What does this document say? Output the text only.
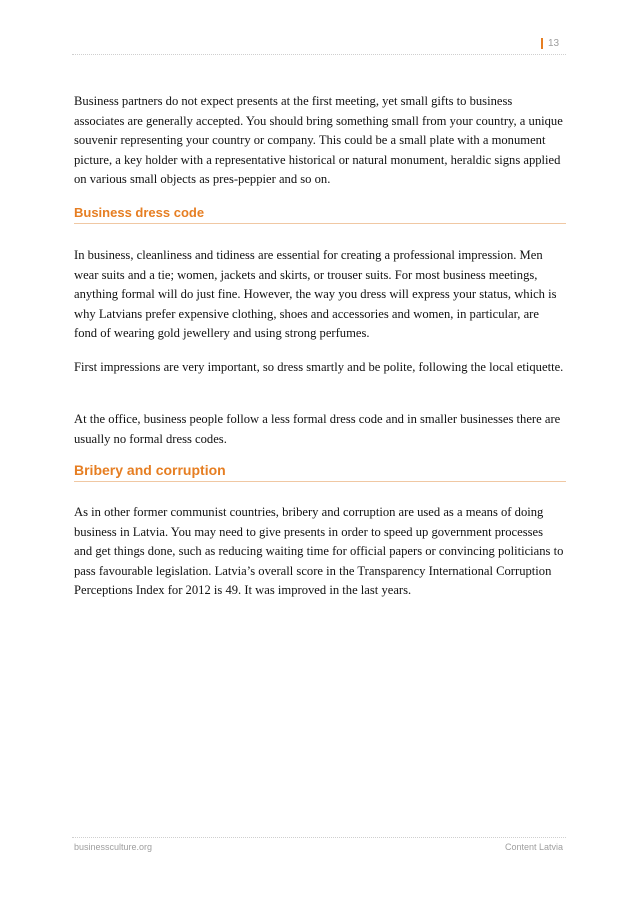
13

Business partners do not expect presents at the first meeting, yet small gifts to business associates are generally accepted. You should bring something small from your country, a unique souvenir representing your country or company. This could be a small plate with a monument picture, a key holder with a representative historical or natural monument, heraldic signs applied on various small objects as pres-peppier and so on.

Business dress code

In business, cleanliness and tidiness are essential for creating a professional impression. Men wear suits and a tie; women, jackets and skirts, or trouser suits. For most business meetings, anything formal will do just fine. However, the way you dress will express your status, which is why Latvians prefer expensive clothing, shoes and accessories and women, in particular, are fond of wearing gold jewellery and using strong perfumes.

First impressions are very important, so dress smartly and be polite, following the local etiquette.

At the office, business people follow a less formal dress code and in smaller businesses there are usually no formal dress codes.

Bribery and corruption

As in other former communist countries, bribery and corruption are used as a means of doing business in Latvia. You may need to give presents in order to speed up government processes and get things done, such as reducing waiting time for official papers or convincing politicians to pass favourable legislation. Latvia’s overall score in the Transparency International Corruption Perceptions Index for 2012 is 49. It was improved in the last years.

businessculture.org	Content Latvia
